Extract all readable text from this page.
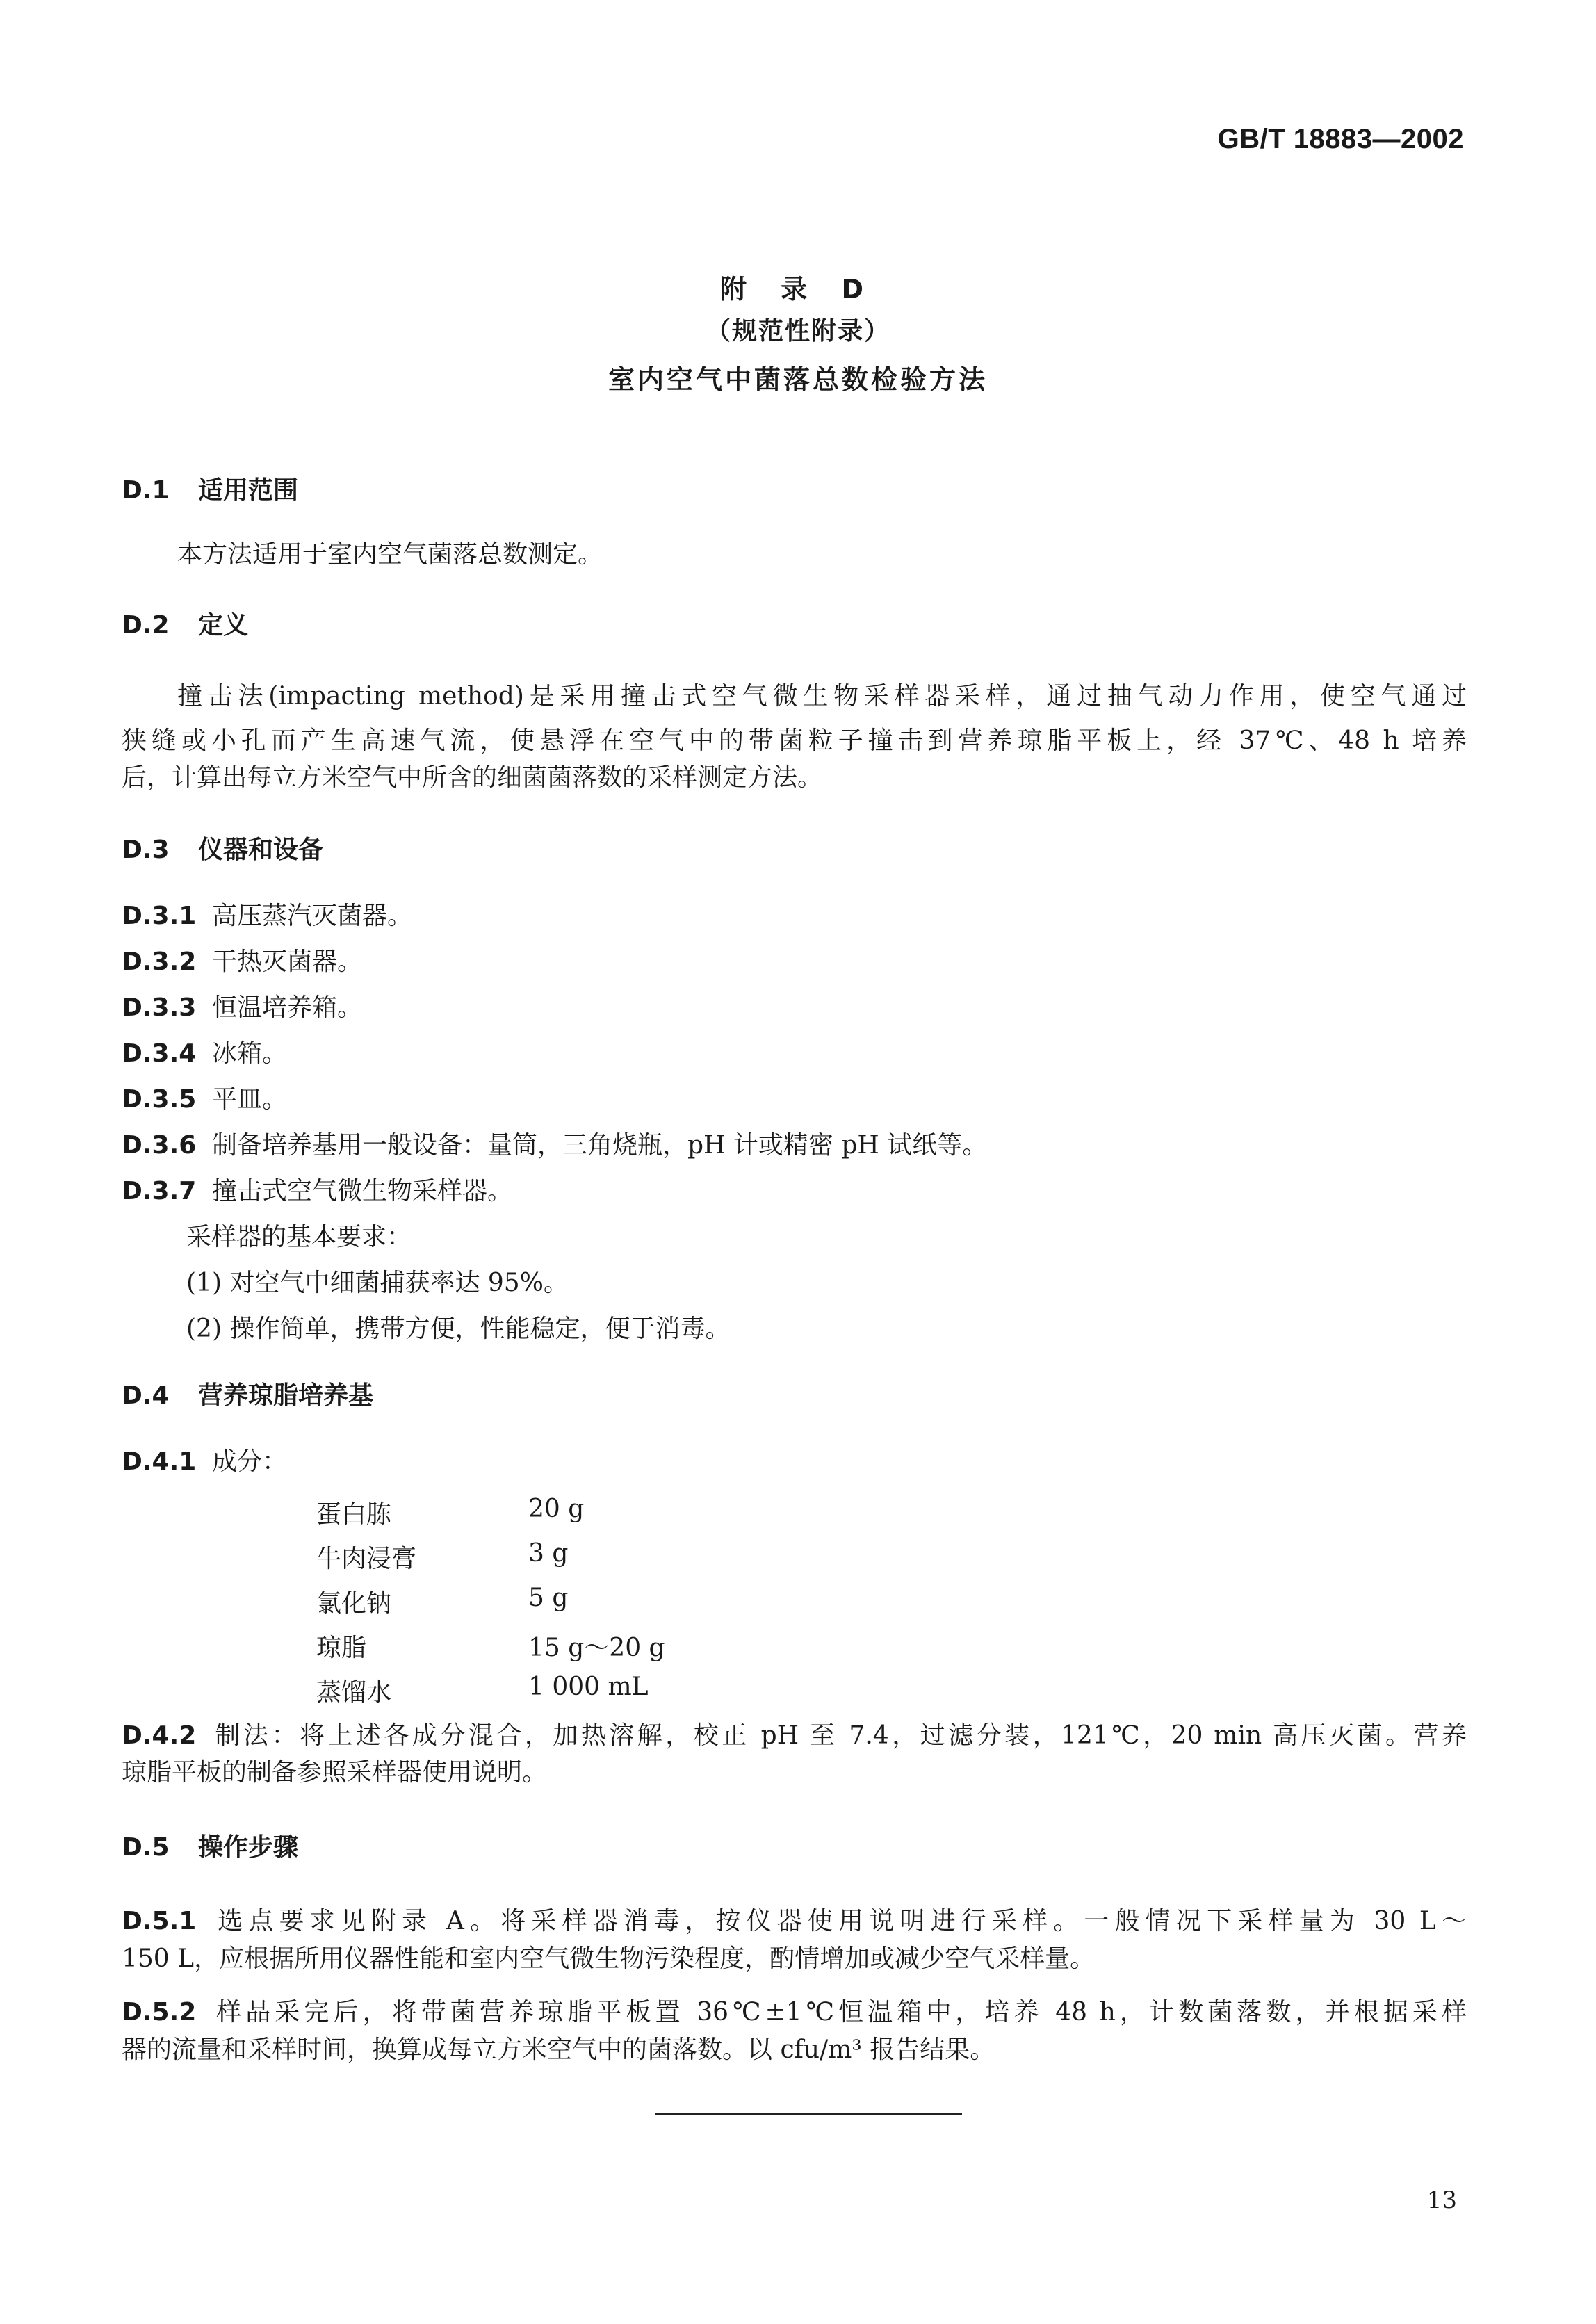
GB/T 18883—2002
附 录 D
（规范性附录）
室内空气中菌落总数检验方法
D.1 适用范围
本方法适用于室内空气菌落总数测定。
D.2 定义
撞击法(impacting method)是采用撞击式空气微生物采样器采样，通过抽气动力作用，使空气通过
狭缝或小孔而产生高速气流，使悬浮在空气中的带菌粒子撞击到营养琼脂平板上，经 37℃、48 h 培养
后，计算出每立方米空气中所含的细菌菌落数的采样测定方法。
D.3 仪器和设备
D.3.1 高压蒸汽灭菌器。
D.3.2 干热灭菌器。
D.3.3 恒温培养箱。
D.3.4 冰箱。
D.3.5 平皿。
D.3.6 制备培养基用一般设备：量筒，三角烧瓶，pH 计或精密 pH 试纸等。
D.3.7 撞击式空气微生物采样器。
采样器的基本要求：
(1) 对空气中细菌捕获率达 95%。
(2) 操作简单，携带方便，性能稳定，便于消毒。
D.4 营养琼脂培养基
D.4.1 成分：
蛋白胨	20 g
牛肉浸膏	3 g
氯化钠	5 g
琼脂	15 g～20 g
蒸馏水	1 000 mL
D.4.2 制法：将上述各成分混合，加热溶解，校正 pH 至 7.4，过滤分装，121℃，20 min 高压灭菌。营养
琼脂平板的制备参照采样器使用说明。
D.5 操作步骤
D.5.1 选点要求见附录 A。将采样器消毒，按仪器使用说明进行采样。一般情况下采样量为 30 L～
150 L，应根据所用仪器性能和室内空气微生物污染程度，酌情增加或减少空气采样量。
D.5.2 样品采完后，将带菌营养琼脂平板置 36℃±1℃恒温箱中，培养 48 h，计数菌落数，并根据采样
器的流量和采样时间，换算成每立方米空气中的菌落数。以 cfu/m³ 报告结果。
13
